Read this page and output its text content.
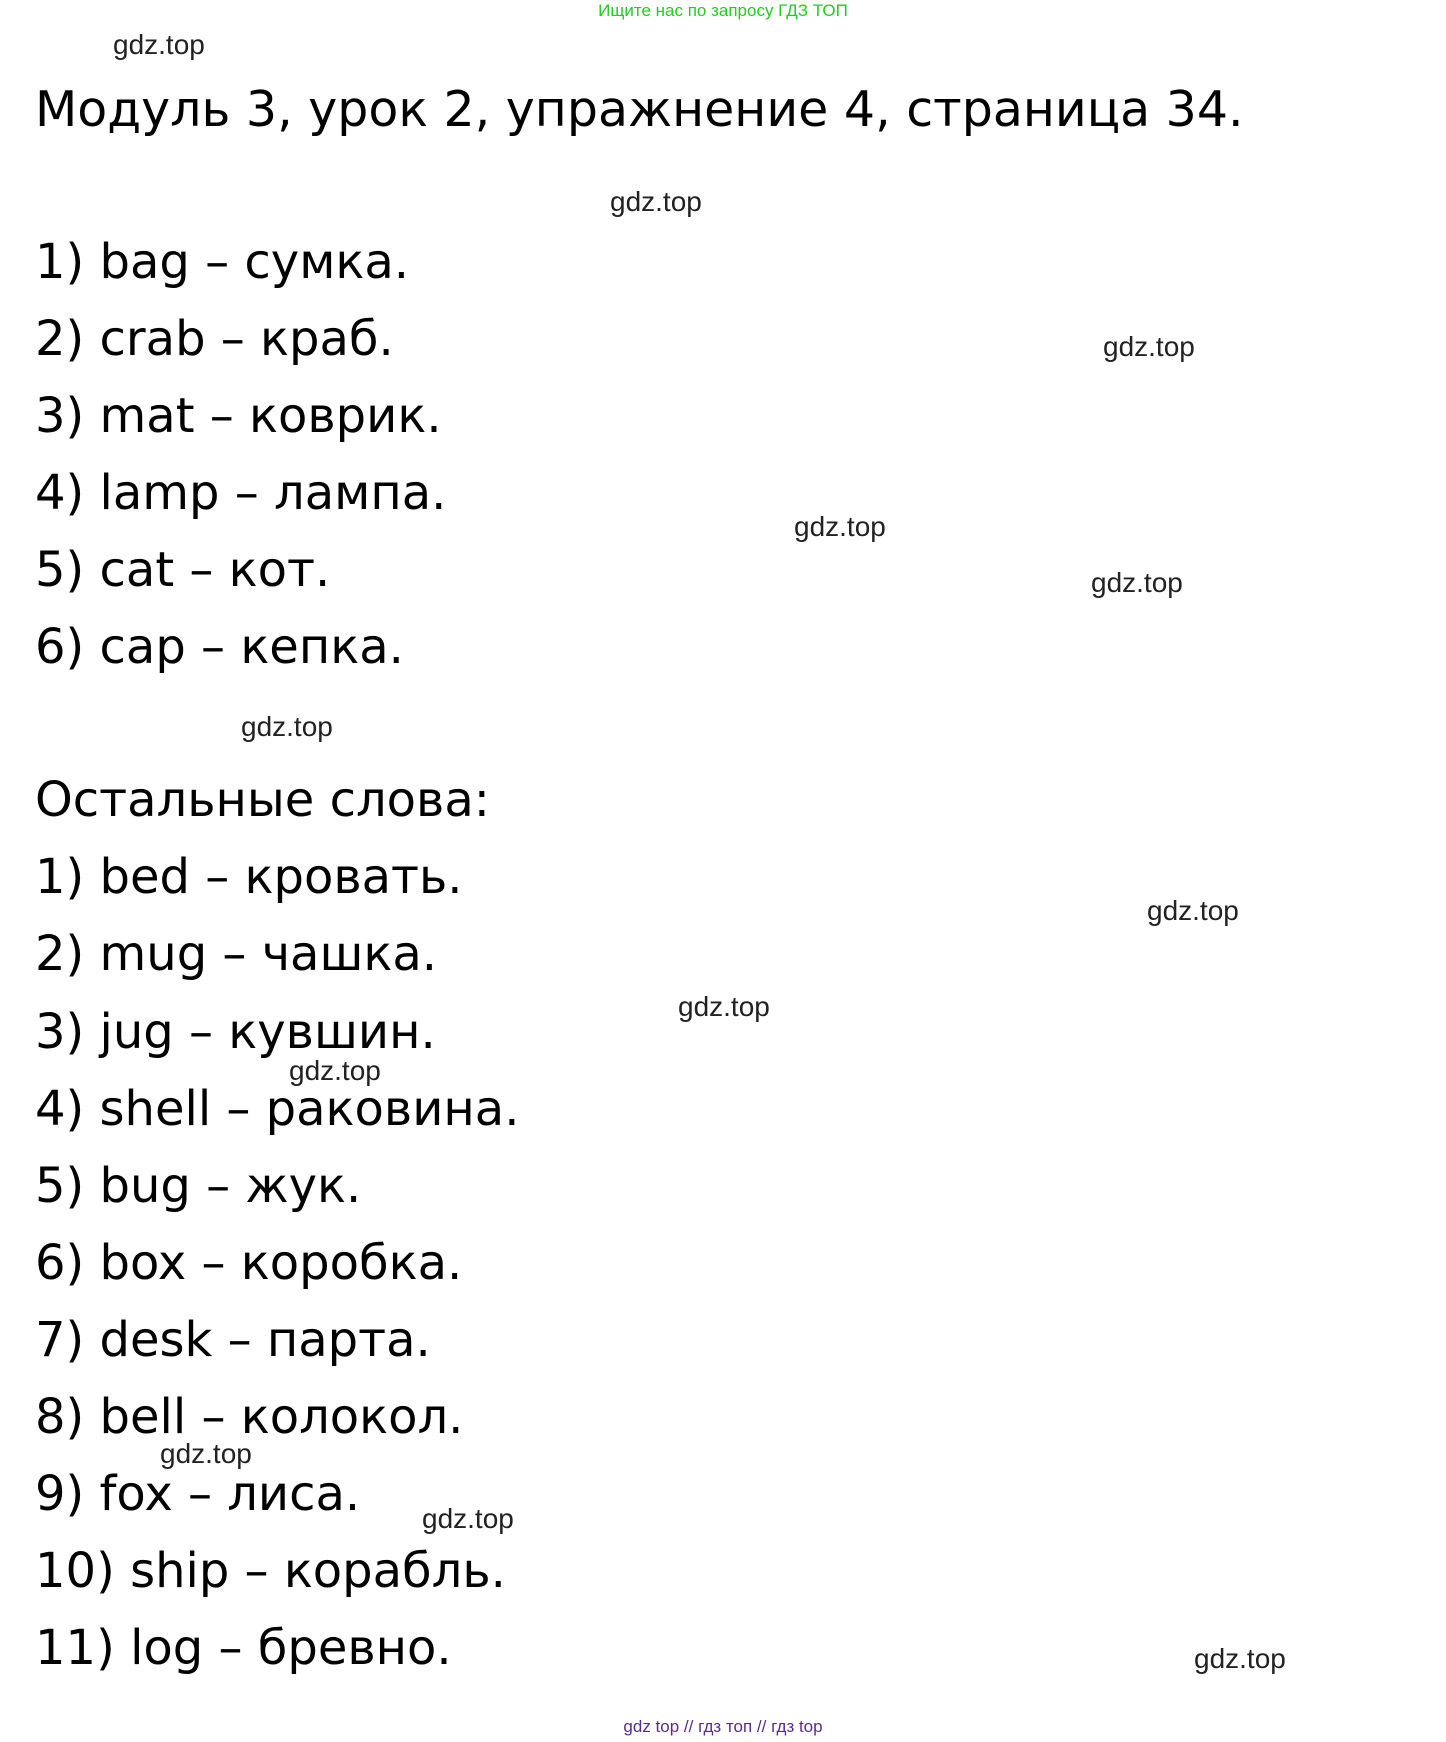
Ищите нас по запросу ГДЗ ТОП
gdz.top
Модуль 3, урок 2, упражнение 4, страница 34.
gdz.top
1) bag – сумка.
2) crab – краб.	gdz.top
3) mat – коврик.
4) lamp – лампа.
gdz.top
5) cat – кот.	gdz.top
6) cap – кепка.
gdz.top
Остальные слова:
1) bed – кровать.
gdz.top
2) mug – чашка.
gdz.top
3) jug – кувшин.
gdz.top
4) shell – раковина.
5) bug – жук.
6) box – коробка.
7) desk – парта.
8) bell – колокол.
gdz.top
9) fox – лиса. gdz.top
10) ship – корабль.
11) log – бревно.	gdz.top
gdz top // гдз топ // гдз top
